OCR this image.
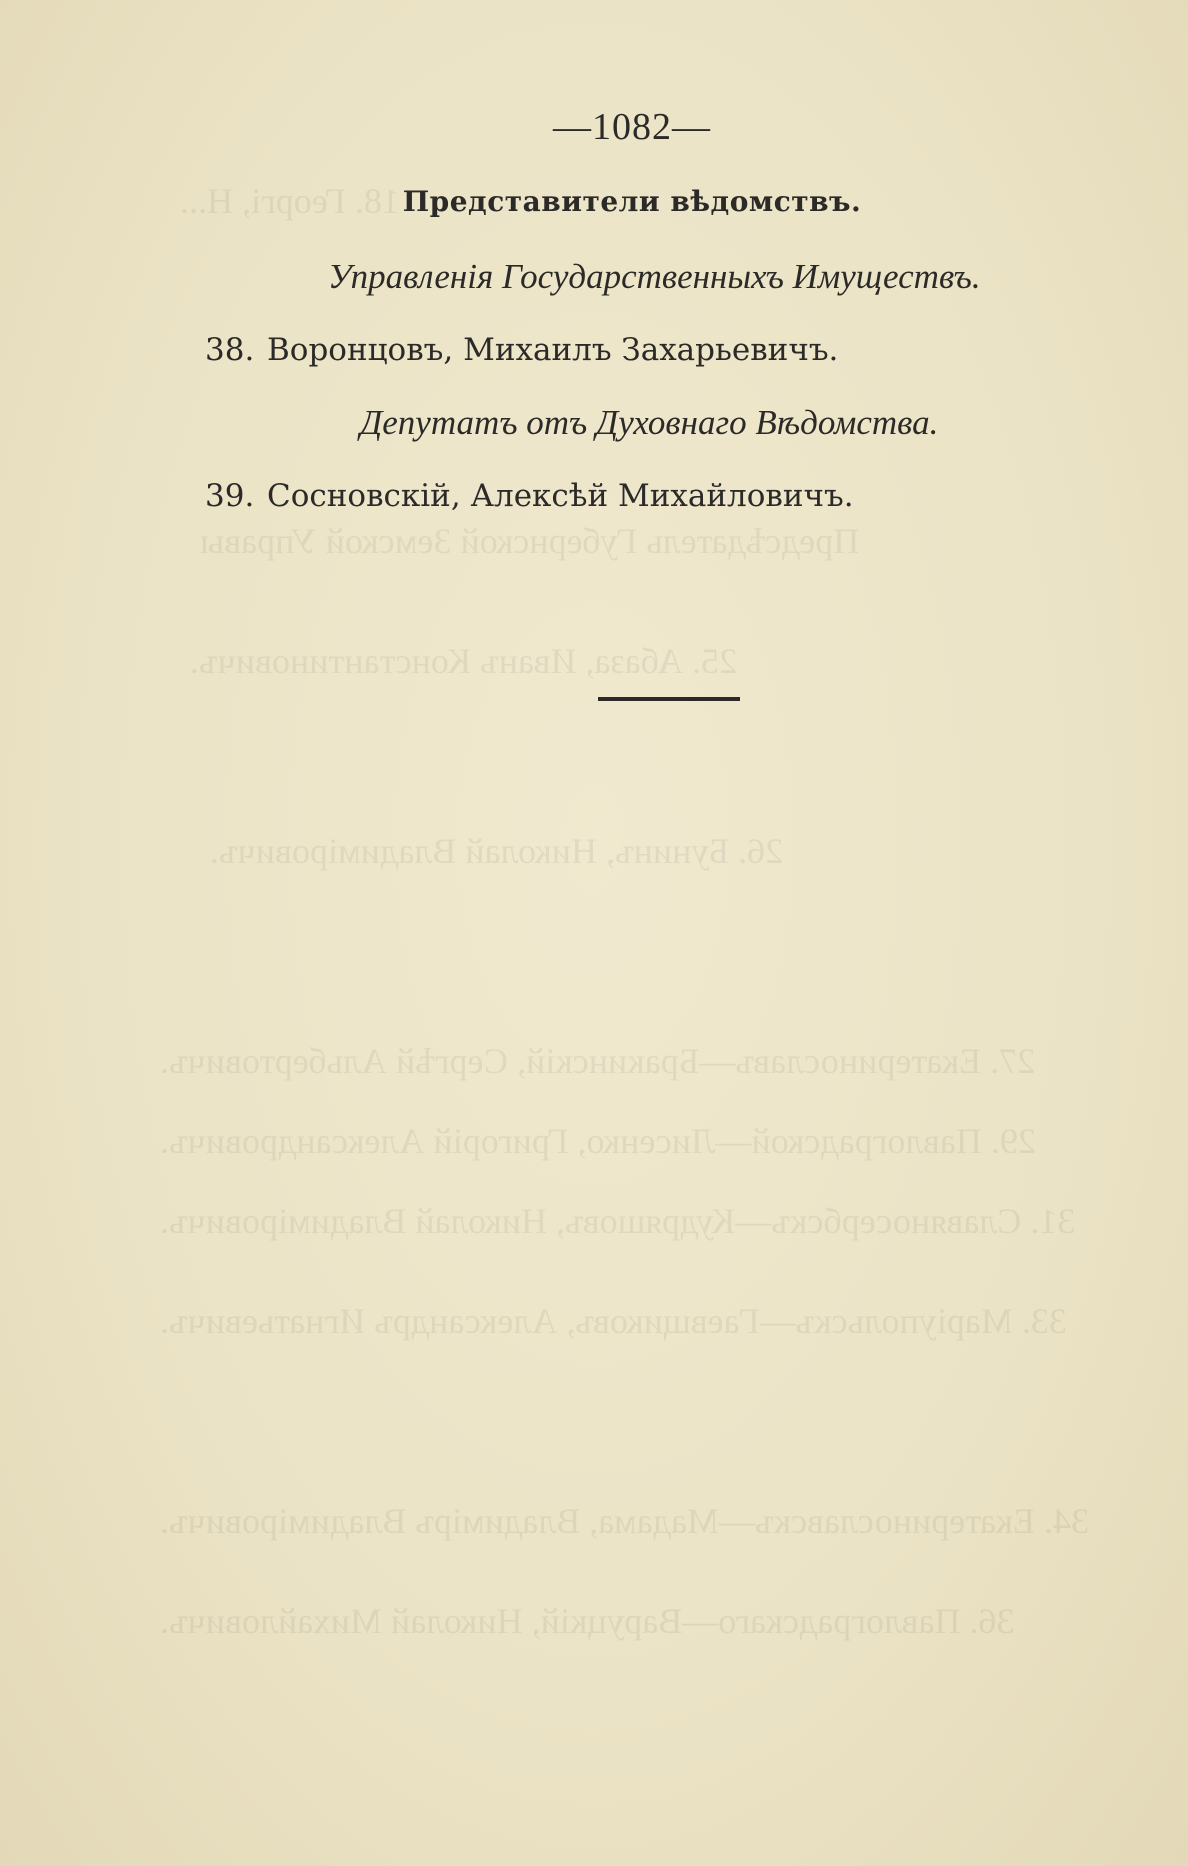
18. Георгі, Н...
Предсѣдатель Губернской Земской Управы
25. Абаза, Иванъ Константиновичъ.
26. Бунинъ, Николай Владиміровичъ.
27. Екатеринославъ—Бракинскій, Сергѣй Альбертовичъ.
29. Павлоградской—Лисенко, Григорій Александровичъ.
31. Славяносербскъ—Кудряшовъ, Николай Владиміровичъ.
33. Маріупольскъ—Гаевщиковъ, Александръ Игнатьевичъ.
34. Екатеринославскъ—Мадама, Владиміръ Владиміровичъ.
36. Павлоградскаго—Варуцкій, Николай Михайловичъ.
—1082—
Представители вѣдомствъ.
Управленія Государственныхъ Имуществъ.
38. Воронцовъ, Михаилъ Захарьевичъ.
Депутатъ отъ Духовнаго Вѣдомства.
39. Сосновскій, Алексѣй Михайловичъ.
